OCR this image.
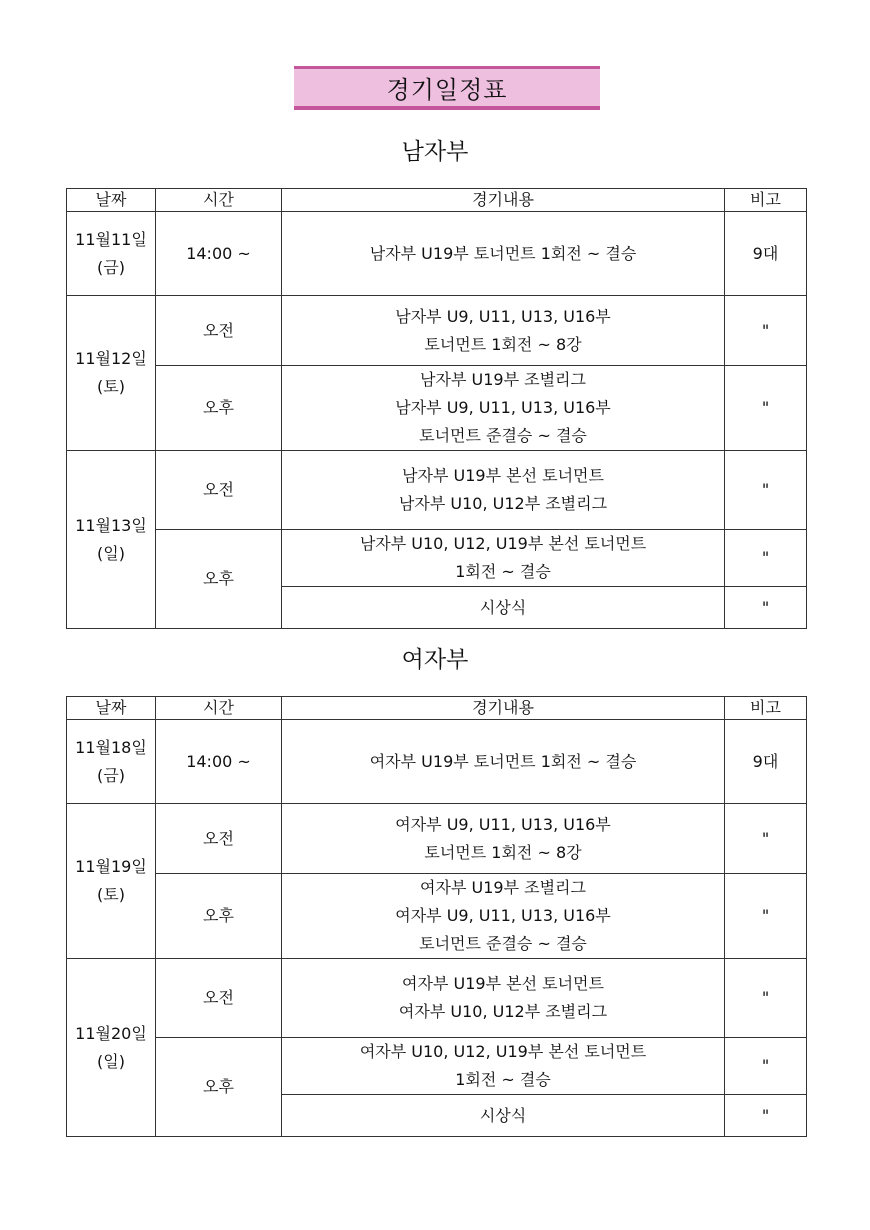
경기일정표
남자부
날짜	시간	경기내용	비고

11월11일
(금)	14:00 ~	남자부 U19부 토너먼트 1회전 ~ 결승	9대

11월12일
(토)	오전	남자부 U9, U11, U13, U16부
토너먼트 1회전 ~ 8강	"
	오후	남자부 U19부 조별리그
남자부 U9, U11, U13, U16부
토너먼트 준결승 ~ 결승	"

11월13일
(일)	오전	남자부 U19부 본선 토너먼트
남자부 U10, U12부 조별리그	"
	오후	남자부 U10, U12, U19부 본선 토너먼트
1회전 ~ 결승	"
		시상식	"
여자부
날짜	시간	경기내용	비고

11월18일
(금)	14:00 ~	여자부 U19부 토너먼트 1회전 ~ 결승	9대

11월19일
(토)	오전	여자부 U9, U11, U13, U16부
토너먼트 1회전 ~ 8강	"
	오후	여자부 U19부 조별리그
여자부 U9, U11, U13, U16부
토너먼트 준결승 ~ 결승	"

11월20일
(일)	오전	여자부 U19부 본선 토너먼트
여자부 U10, U12부 조별리그	"
	오후	여자부 U10, U12, U19부 본선 토너먼트
1회전 ~ 결승	"
		시상식	"
